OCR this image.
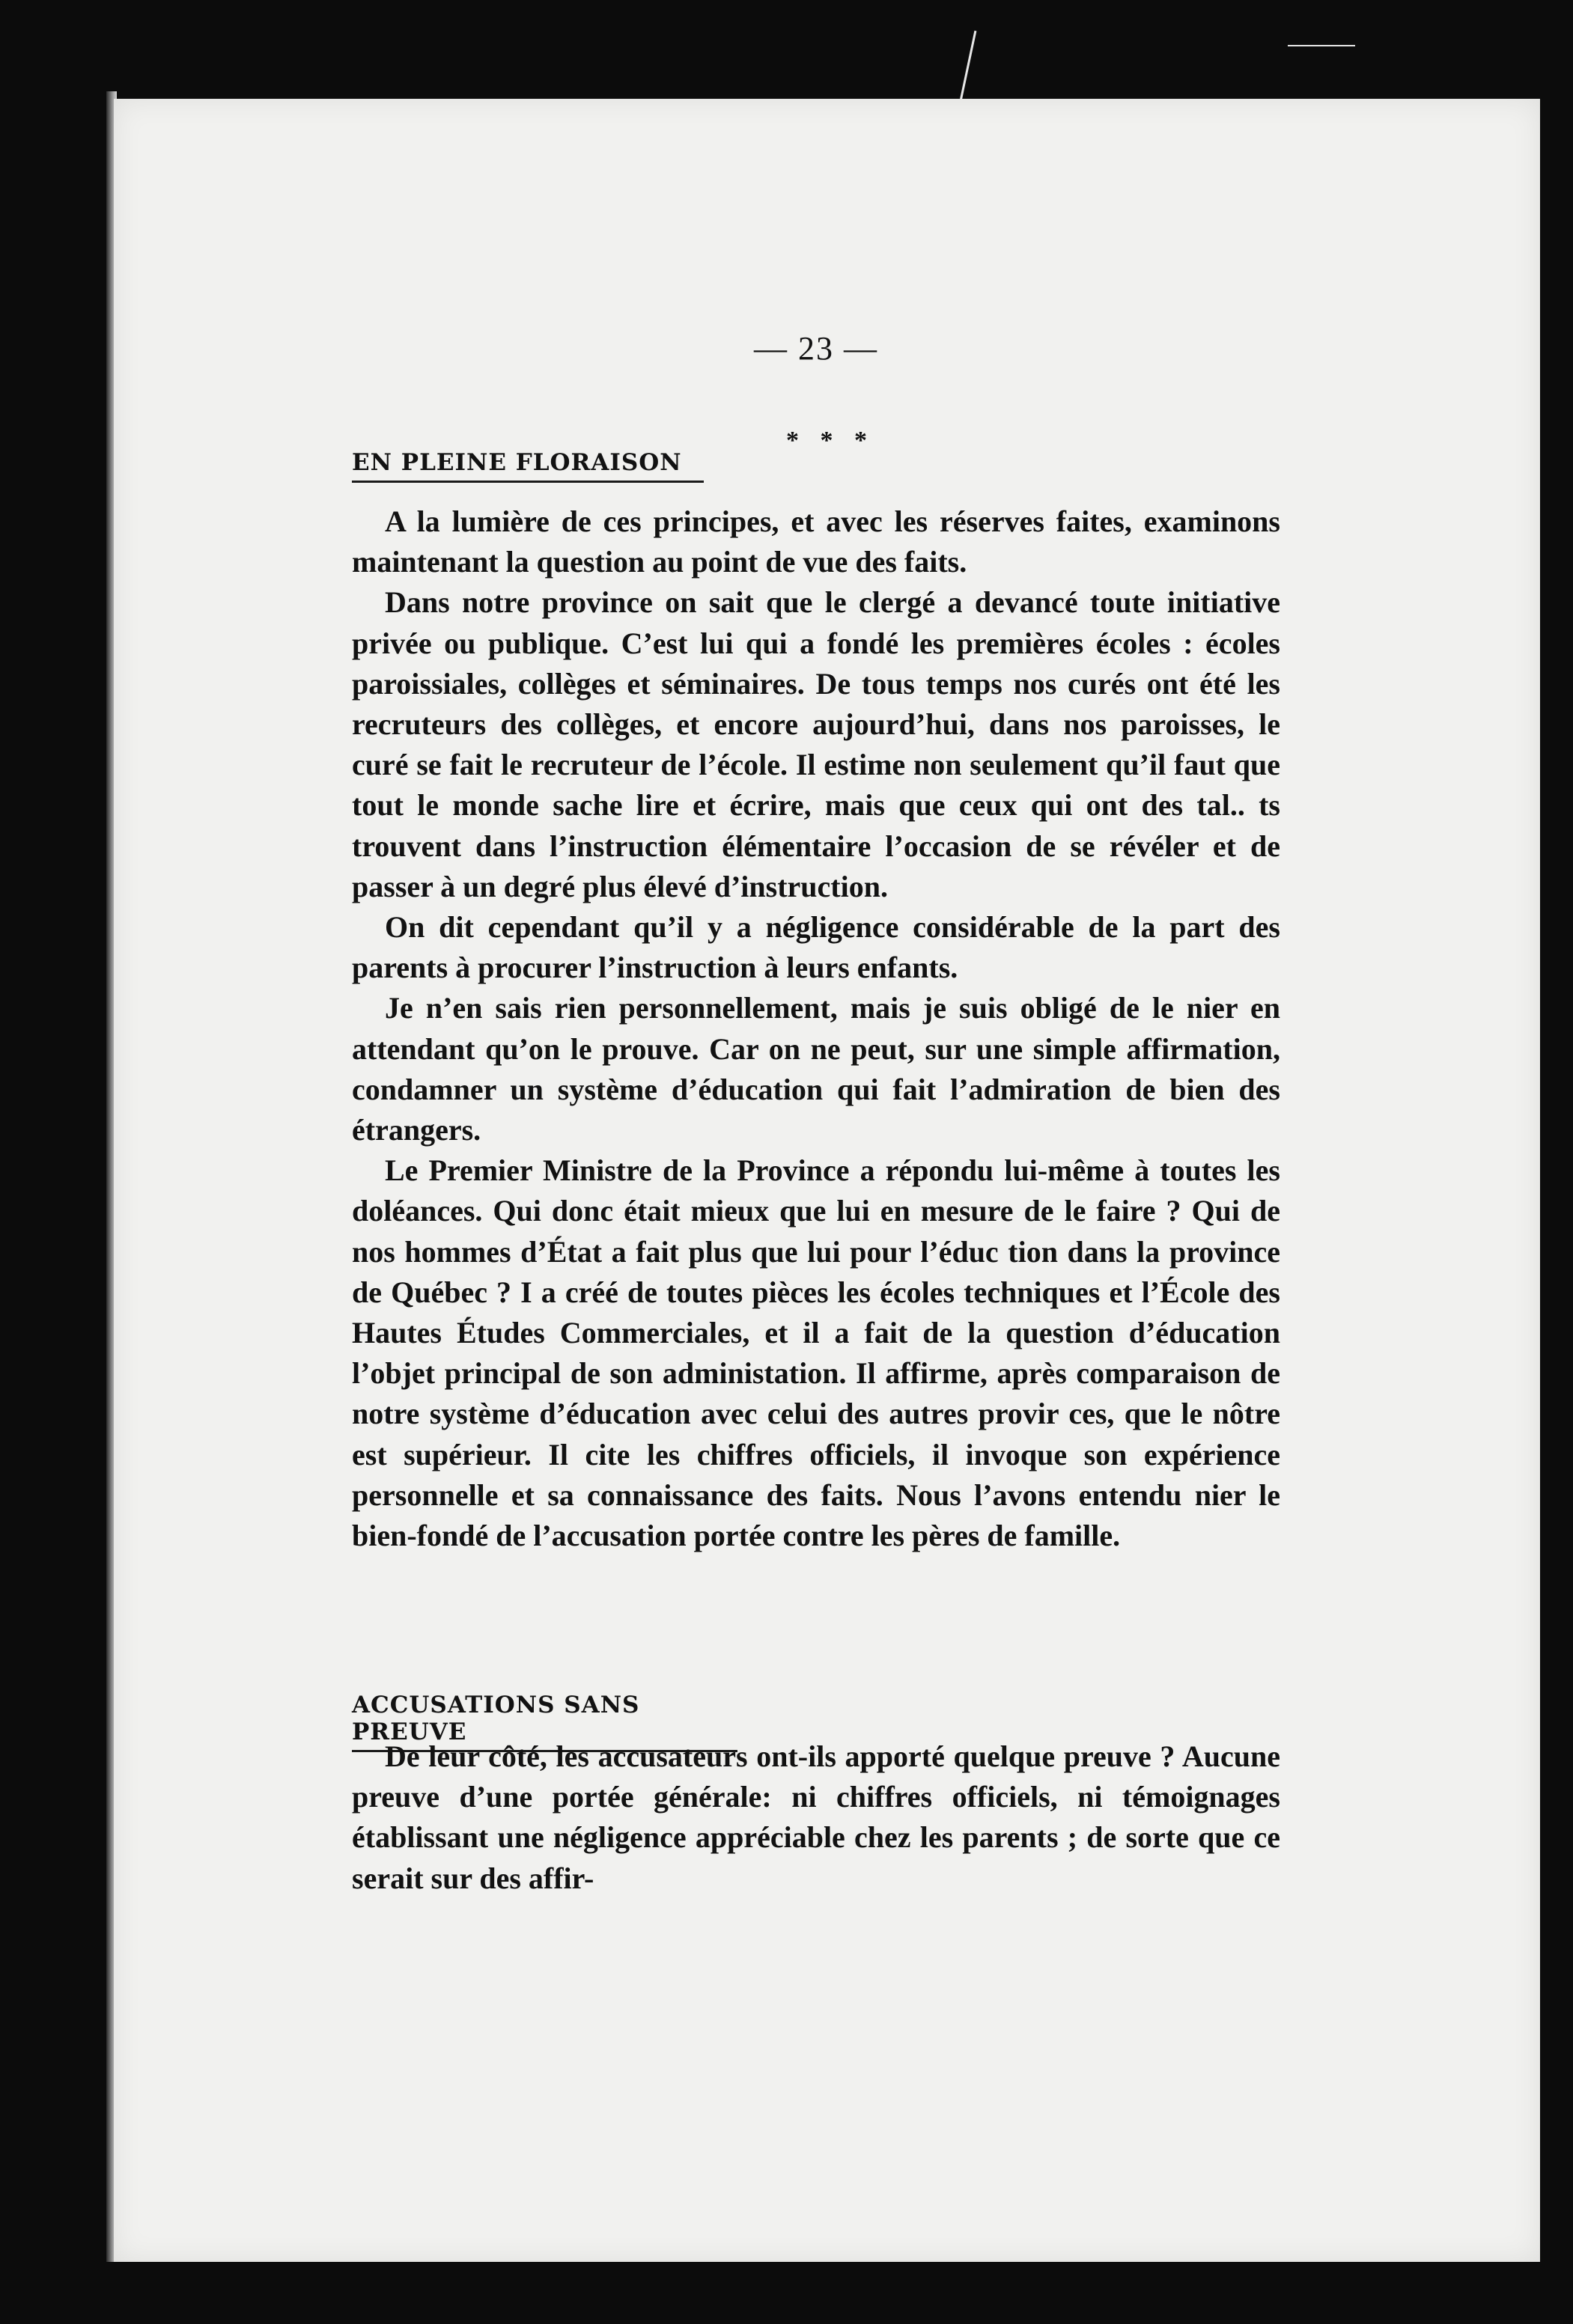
— 23 —
* * *
EN PLEINE FLORAISON

A la lumière de ces principes, et avec les réserves faites, examinons maintenant la question au point de vue des faits.

Dans notre province on sait que le clergé a devancé toute initiative privée ou publique. C’est lui qui a fondé les premières écoles : écoles paroissiales, collèges et séminaires. De tous temps nos curés ont été les recruteurs des collèges, et encore aujourd’hui, dans nos paroisses, le curé se fait le recruteur de l’école. Il estime non seulement qu’il faut que tout le monde sache lire et écrire, mais que ceux qui ont des tal.. ts trouvent dans l’instruction élémentaire l’occasion de se révéler et de passer à un degré plus élevé d’instruction.

On dit cependant qu’il y a négligence considérable de la part des parents à procurer l’instruction à leurs enfants.

Je n’en sais rien personnellement, mais je suis obligé de le nier en attendant qu’on le prouve. Car on ne peut, sur une simple affirmation, condamner un système d’éducation qui fait l’admiration de bien des étrangers.

Le Premier Ministre de la Province a répondu lui-même à toutes les doléances. Qui donc était mieux que lui en mesure de le faire ? Qui de nos hommes d’État a fait plus que lui pour l’éduc tion dans la province de Québec ? I a créé de toutes pièces les écoles techniques et l’École des Hautes Études Commerciales, et il a fait de la question d’éducation l’objet principal de son administation. Il affirme, après comparaison de notre système d’éducation avec celui des autres provir ces, que le nôtre est supérieur. Il cite les chiffres officiels, il invoque son expérience personnelle et sa connaissance des faits. Nous l’avons entendu nier le bien-fondé de l’accusation portée contre les pères de famille.

ACCUSATIONS SANS PREUVE

De leur côté, les accusateurs ont-ils apporté quelque preuve ? Aucune preuve d’une portée générale: ni chiffres officiels, ni témoignages établissant une négligence appréciable chez les parents ; de sorte que ce serait sur des affir-
